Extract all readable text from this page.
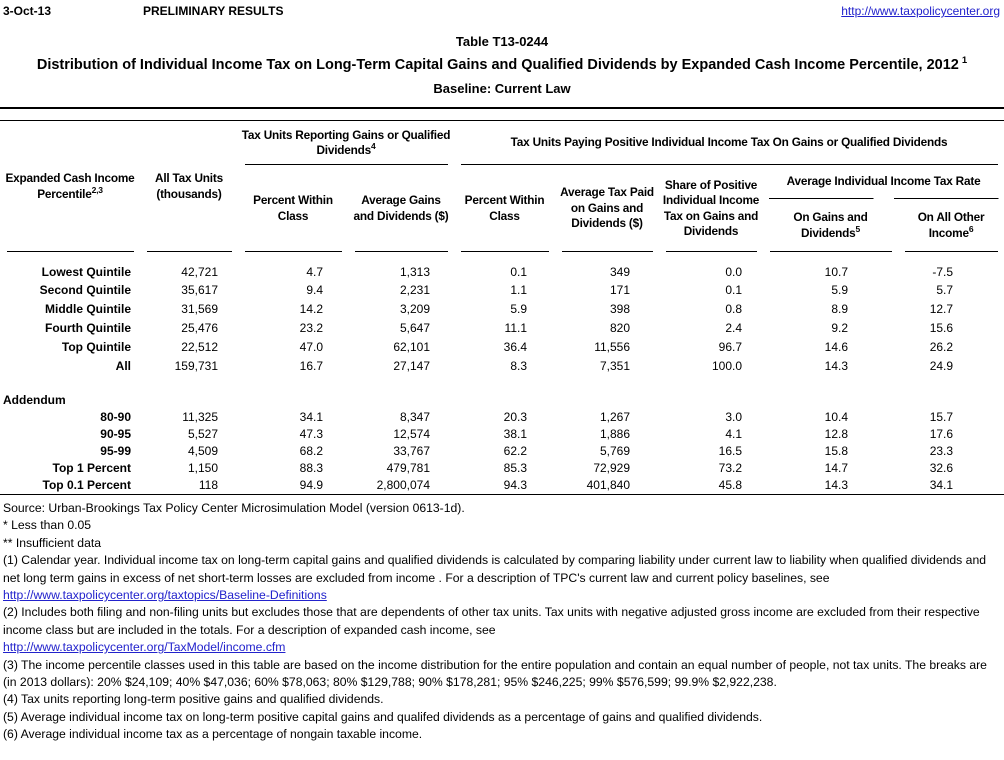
3-Oct-13	PRELIMINARY RESULTS	http://www.taxpolicycenter.org
Table T13-0244
Distribution of Individual Income Tax on Long-Term Capital Gains and Qualified Dividends by Expanded Cash Income Percentile, 2012 $^1$
Baseline: Current Law
Expanded Cash Income Percentile$^{2,3}$	All Tax Units (thousands)	Tax Units Reporting Gains or Qualified Dividends$^4$		Tax Units Paying Positive Individual Income Tax On Gains or Qualified Dividends				
		Percent Within Class	Average Gains and Dividends ($)	Percent Within Class	Average Tax Paid on Gains and Dividends ($)	Share of Positive Individual Income Tax on Gains and Dividends	Average Individual Income Tax Rate	
							On Gains and Dividends$^5$	On All Other Income$^6$
Lowest Quintile	42,721	4.7	1,313	0.1	349	0.0	10.7	-7.5
Second Quintile	35,617	9.4	2,231	1.1	171	0.1	5.9	5.7
Middle Quintile	31,569	14.2	3,209	5.9	398	0.8	8.9	12.7
Fourth Quintile	25,476	23.2	5,647	11.1	820	2.4	9.2	15.6
Top Quintile	22,512	47.0	62,101	36.4	11,556	96.7	14.6	26.2
All	159,731	16.7	27,147	8.3	7,351	100.0	14.3	24.9

Addendum								
80-90	11,325	34.1	8,347	20.3	1,267	3.0	10.4	15.7
90-95	5,527	47.3	12,574	38.1	1,886	4.1	12.8	17.6
95-99	4,509	68.2	33,767	62.2	5,769	16.5	15.8	23.3
Top 1 Percent	1,150	88.3	479,781	85.3	72,929	73.2	14.7	32.6
Top 0.1 Percent	118	94.9	2,800,074	94.3	401,840	45.8	14.3	34.1
Source: Urban-Brookings Tax Policy Center Microsimulation Model (version 0613-1d).
* Less than 0.05
** Insufficient data
(1) Calendar year. Individual income tax on long-term capital gains and qualified dividends is calculated by comparing liability under current law to liability when qualified dividends and net long term gains in excess of net short-term losses are excluded from income . For a description of TPC's current law and current policy baselines, see
http://www.taxpolicycenter.org/taxtopics/Baseline-Definitions
(2) Includes both filing and non-filing units but excludes those that are dependents of other tax units. Tax units with negative adjusted gross income are excluded from their respective income class but are included in the totals. For a description of expanded cash income, see
http://www.taxpolicycenter.org/TaxModel/income.cfm
(3) The income percentile classes used in this table are based on the income distribution for the entire population and contain an equal number of people, not tax units. The breaks are (in 2013 dollars): 20% $24,109; 40% $47,036; 60% $78,063; 80% $129,788; 90% $178,281; 95% $246,225; 99% $576,599; 99.9% $2,922,238.
(4) Tax units reporting long-term positive gains and qualified dividends.
(5) Average individual income tax on long-term positive capital gains and qualifed dividends as a percentage of gains and qualified dividends.
(6) Average individual income tax as a percentage of nongain taxable income.
